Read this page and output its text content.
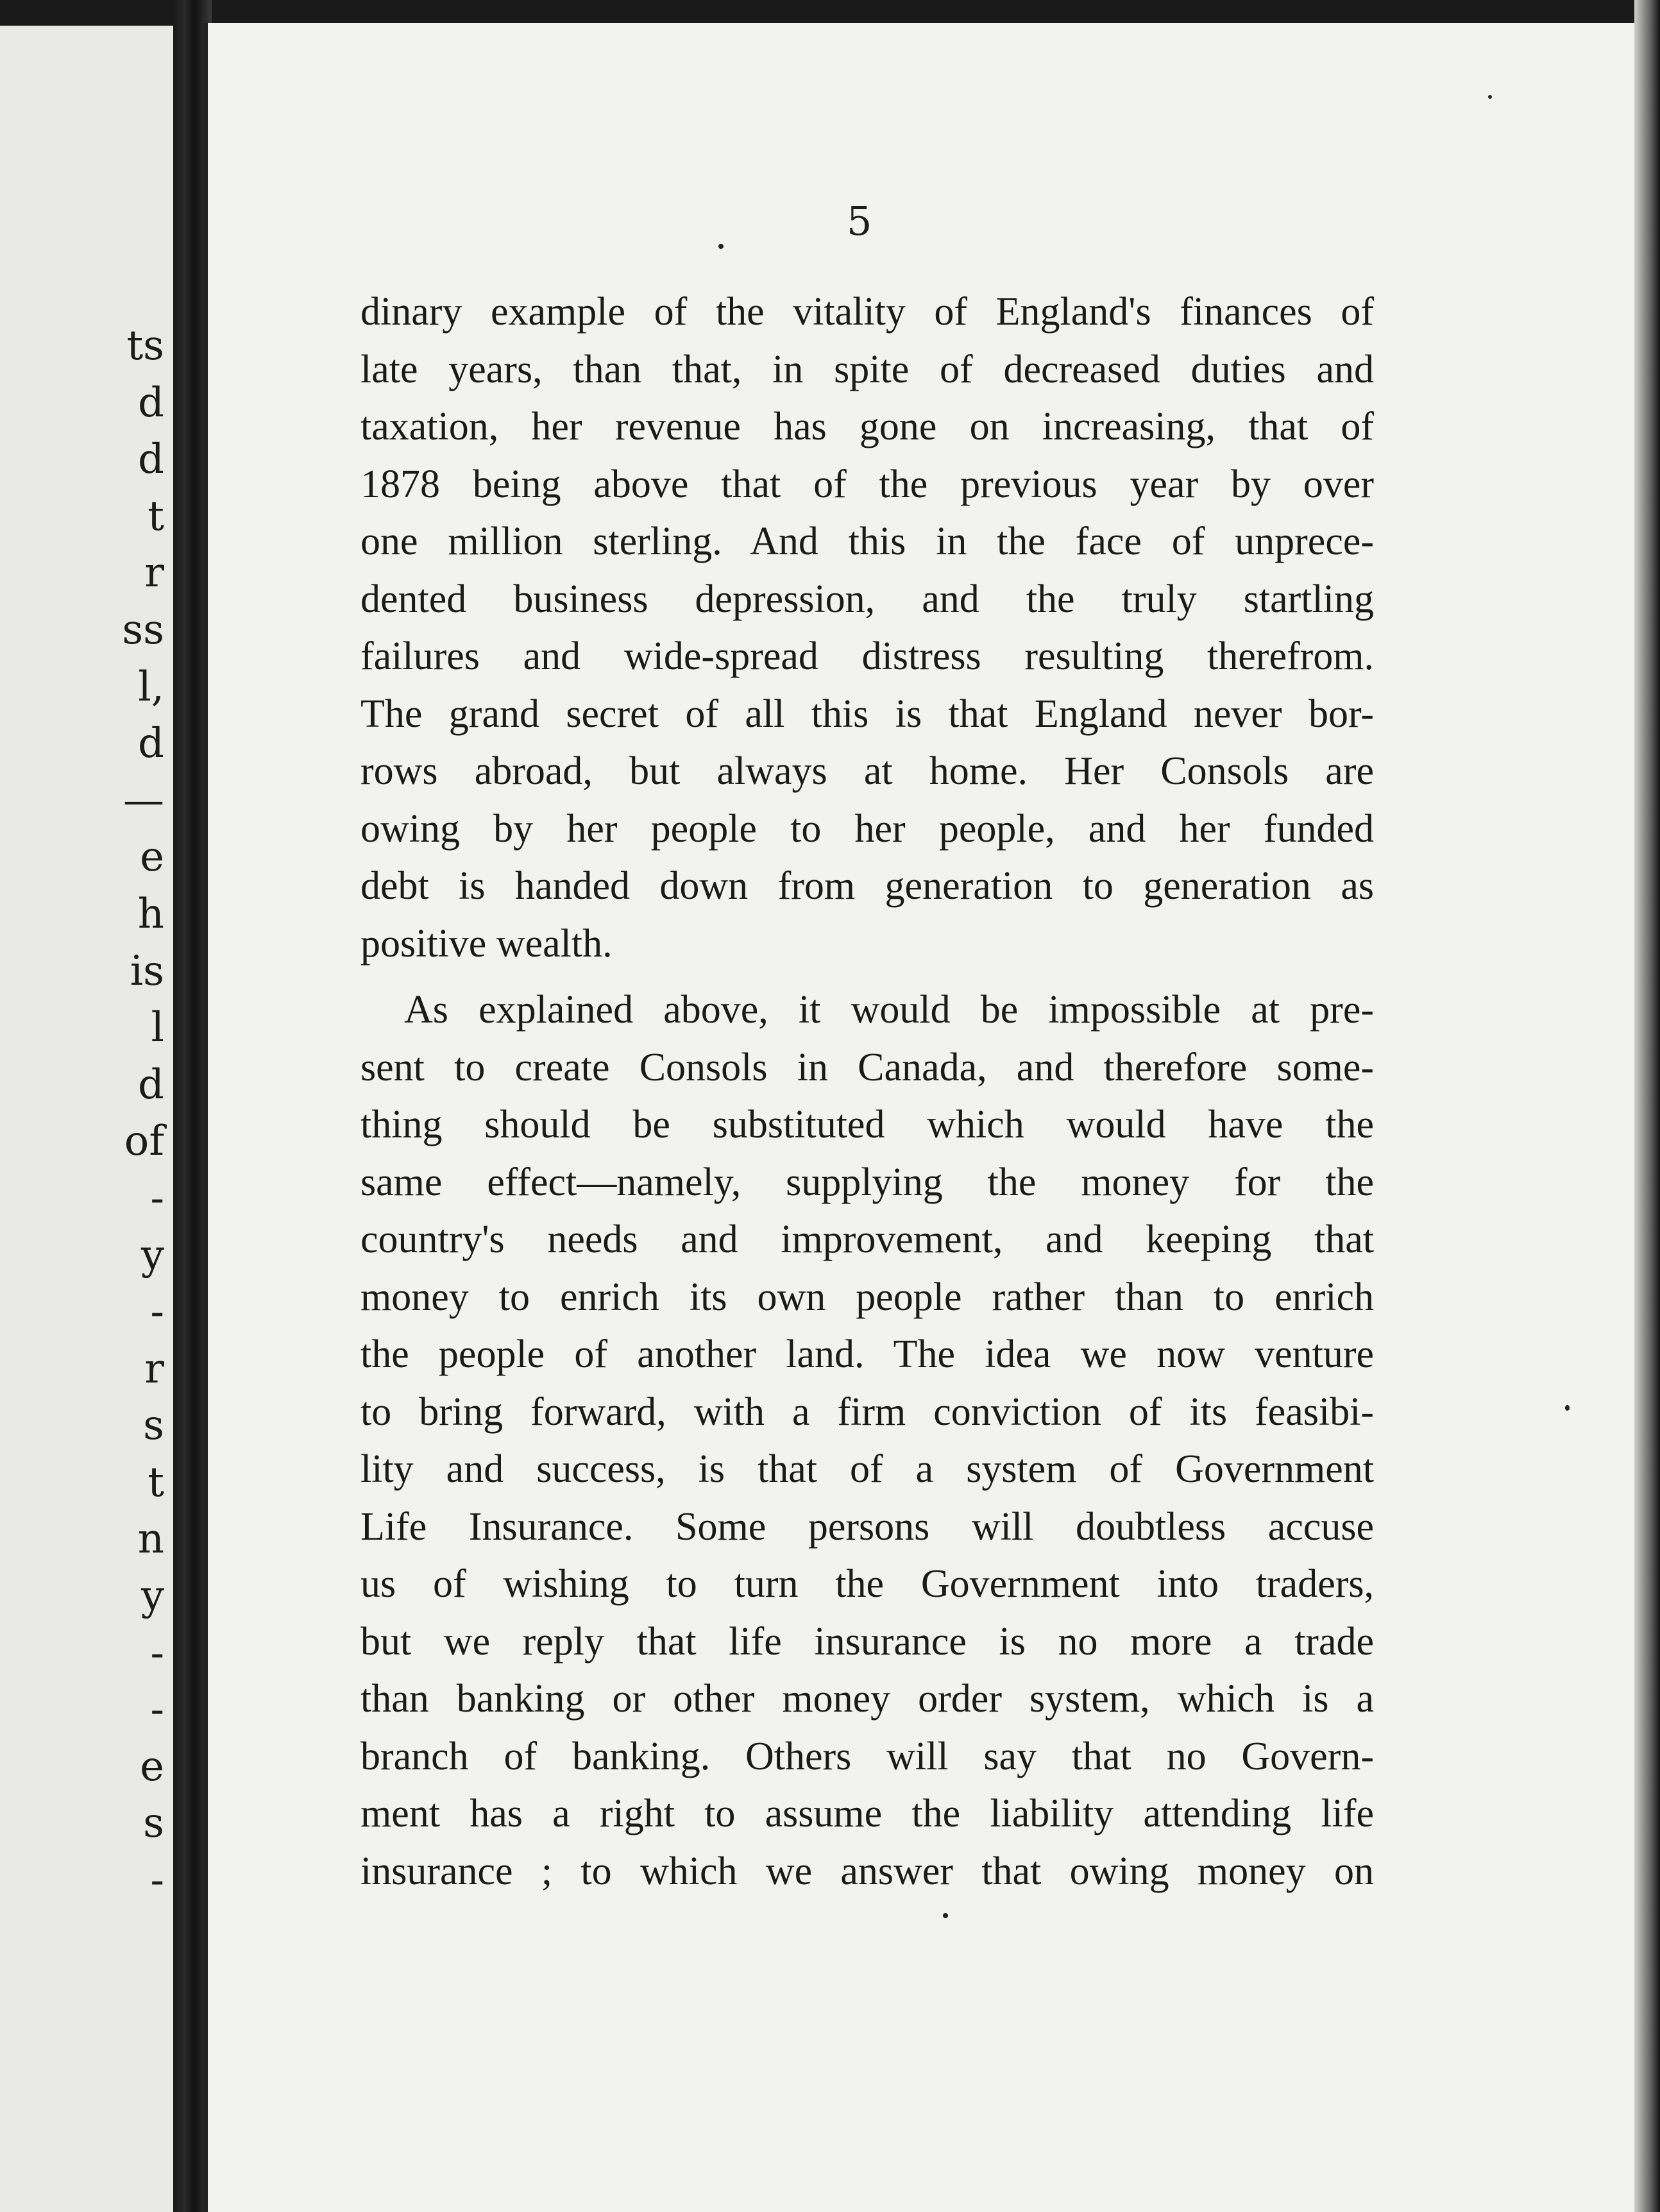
ts
d
d
t
r
ss
l,
d
—
e
h
is
l
d
of
-
y
-
r
s
t
n
y
-
-
e
s
-
5

dinary example of the vitality of England's finances of

late years, than that, in spite of decreased duties and

taxation, her revenue has gone on increasing, that of

1878 being above that of the previous year by over

one million sterling. And this in the face of unprece-

dented business depression, and the truly startling

failures and wide-spread distress resulting therefrom.

The grand secret of all this is that England never bor-

rows abroad, but always at home. Her Consols are

owing by her people to her people, and her funded

debt is handed down from generation to generation as

positive wealth.

As explained above, it would be impossible at pre-

sent to create Consols in Canada, and therefore some-

thing should be substituted which would have the

same effect—namely, supplying the money for the

country's needs and improvement, and keeping that

money to enrich its own people rather than to enrich

the people of another land. The idea we now venture

to bring forward, with a firm conviction of its feasibi-

lity and success, is that of a system of Government

Life Insurance. Some persons will doubtless accuse

us of wishing to turn the Government into traders,

but we reply that life insurance is no more a trade

than banking or other money order system, which is a

branch of banking. Others will say that no Govern-

ment has a right to assume the liability attending life

insurance ; to which we answer that owing money on
